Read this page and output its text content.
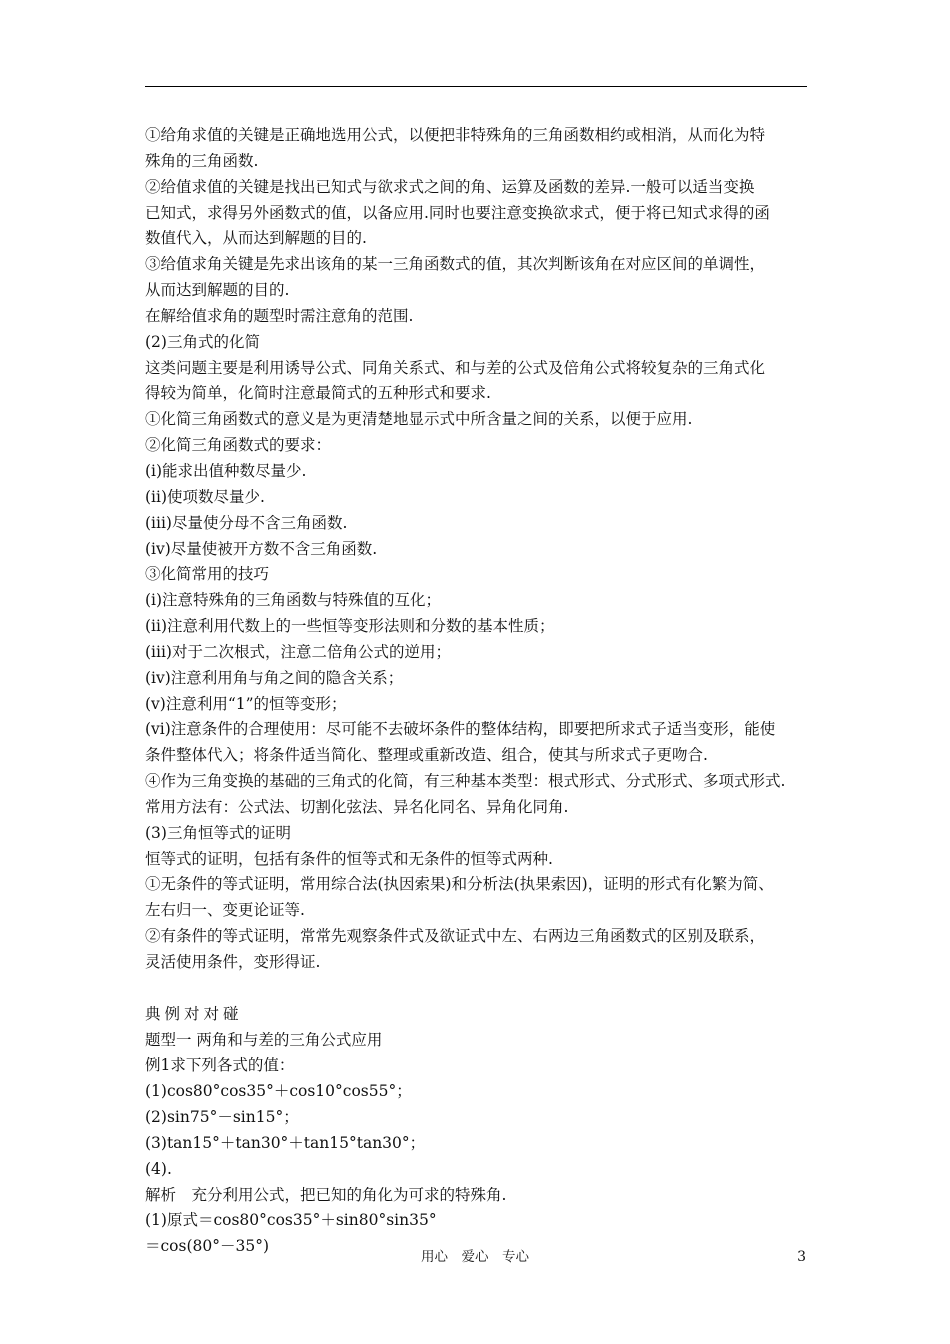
①给角求值的关键是正确地选用公式，以便把非特殊角的三角函数相约或相消，从而化为特
殊角的三角函数.
②给值求值的关键是找出已知式与欲求式之间的角、运算及函数的差异.一般可以适当变换
已知式，求得另外函数式的值，以备应用.同时也要注意变换欲求式，便于将已知式求得的函
数值代入，从而达到解题的目的.
③给值求角关键是先求出该角的某一三角函数式的值，其次判断该角在对应区间的单调性，
从而达到解题的目的.
在解给值求角的题型时需注意角的范围.
(2)三角式的化简
这类问题主要是利用诱导公式、同角关系式、和与差的公式及倍角公式将较复杂的三角式化
得较为简单，化简时注意最简式的五种形式和要求.
①化简三角函数式的意义是为更清楚地显示式中所含量之间的关系，以便于应用.
②化简三角函数式的要求：
(ⅰ)能求出值种数尽量少.
(ⅱ)使项数尽量少.
(iii)尽量使分母不含三角函数.
(iv)尽量使被开方数不含三角函数.
③化简常用的技巧
(ⅰ)注意特殊角的三角函数与特殊值的互化；
(ⅱ)注意利用代数上的一些恒等变形法则和分数的基本性质；
(iii)对于二次根式，注意二倍角公式的逆用；
(iv)注意利用角与角之间的隐含关系；
(ⅴ)注意利用“1”的恒等变形；
(vi)注意条件的合理使用：尽可能不去破坏条件的整体结构，即要把所求式子适当变形，能使
条件整体代入；将条件适当简化、整理或重新改造、组合，使其与所求式子更吻合.
④作为三角变换的基础的三角式的化简，有三种基本类型：根式形式、分式形式、多项式形式.
常用方法有：公式法、切割化弦法、异名化同名、异角化同角.
(3)三角恒等式的证明
恒等式的证明，包括有条件的恒等式和无条件的恒等式两种.
①无条件的等式证明，常用综合法(执因索果)和分析法(执果索因)，证明的形式有化繁为简、
左右归一、变更论证等.
②有条件的等式证明，常常先观察条件式及欲证式中左、右两边三角函数式的区别及联系，
灵活使用条件，变形得证.
典例对对碰
题型一 两角和与差的三角公式应用
例1求下列各式的值：
(1)cos80°cos35°＋cos10°cos55°；
(2)sin75°－sin15°；
(3)tan15°＋tan30°＋tan15°tan30°；
(4).
解析　充分利用公式，把已知的角化为可求的特殊角.
(1)原式＝cos80°cos35°＋sin80°sin35°
＝cos(80°－35°)
用心　爱心　专心	3
